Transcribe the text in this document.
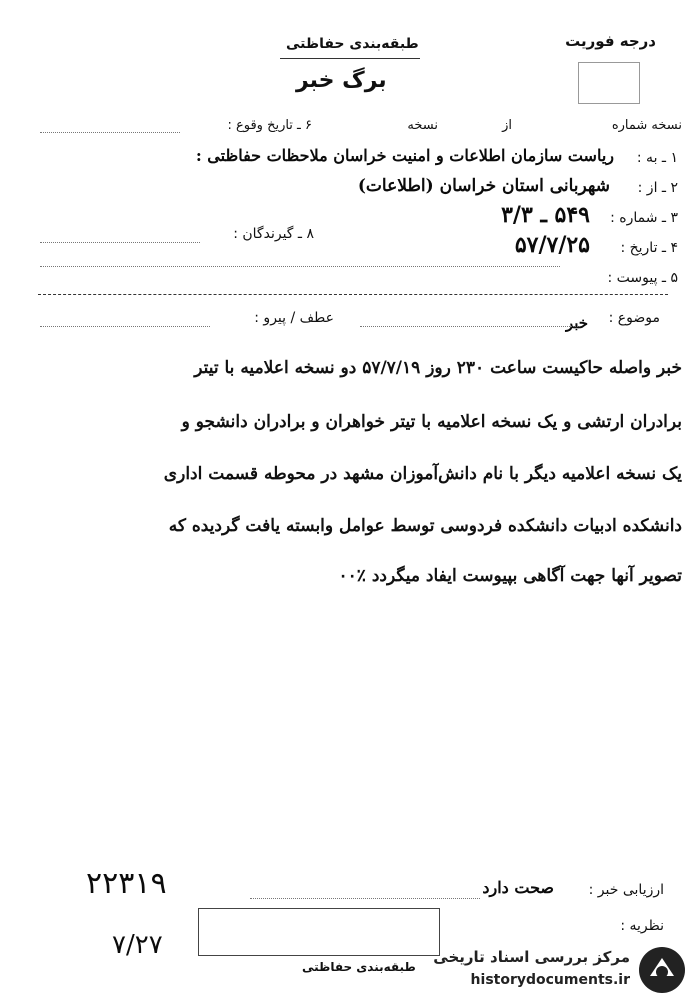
درجه فوریت
طبقه‌بندی حفاظتی
برگ خبر
نسخه شماره
نسخه	از
۶ ـ تاریخ وقوع :
۱ ـ به :
ریاست سازمان اطلاعات و امنیت خراسان ملاحظات حفاظتی :
۲ ـ از :
شهربانی استان خراسان (اطلاعات)
۳ ـ شماره :
۵۴۹ ـ ۳/۳
۸ ـ گیرندگان :
۴ ـ تاریخ :
۵۷/۷/۲۵
۵ ـ پیوست :
موضوع :
خبر
عطف / پیرو :
خبر واصله حاکیست ساعت ۲۳۰ روز ۵۷/۷/۱۹ دو نسخه اعلامیه با تیتر
برادران ارتشی و یک نسخه اعلامیه با تیتر خواهران و برادران دانشجو و
یک نسخه اعلامیه دیگر با نام دانش‌آموزان مشهد در محوطه قسمت اداری
دانشکده ادبیات دانشکده فردوسی توسط عوامل وابسته یافت گردیده که
تصویر آنها جهت آگاهی بپیوست ایفاد میگردد ٪۰۰
۲۲۳۱۹
۷/۲۷
ارزیابی خبر :
صحت دارد
نظریه :
طبقه‌بندی حفاظتی
مرکز بررسی اسناد تاریخی
historydocuments.ir
